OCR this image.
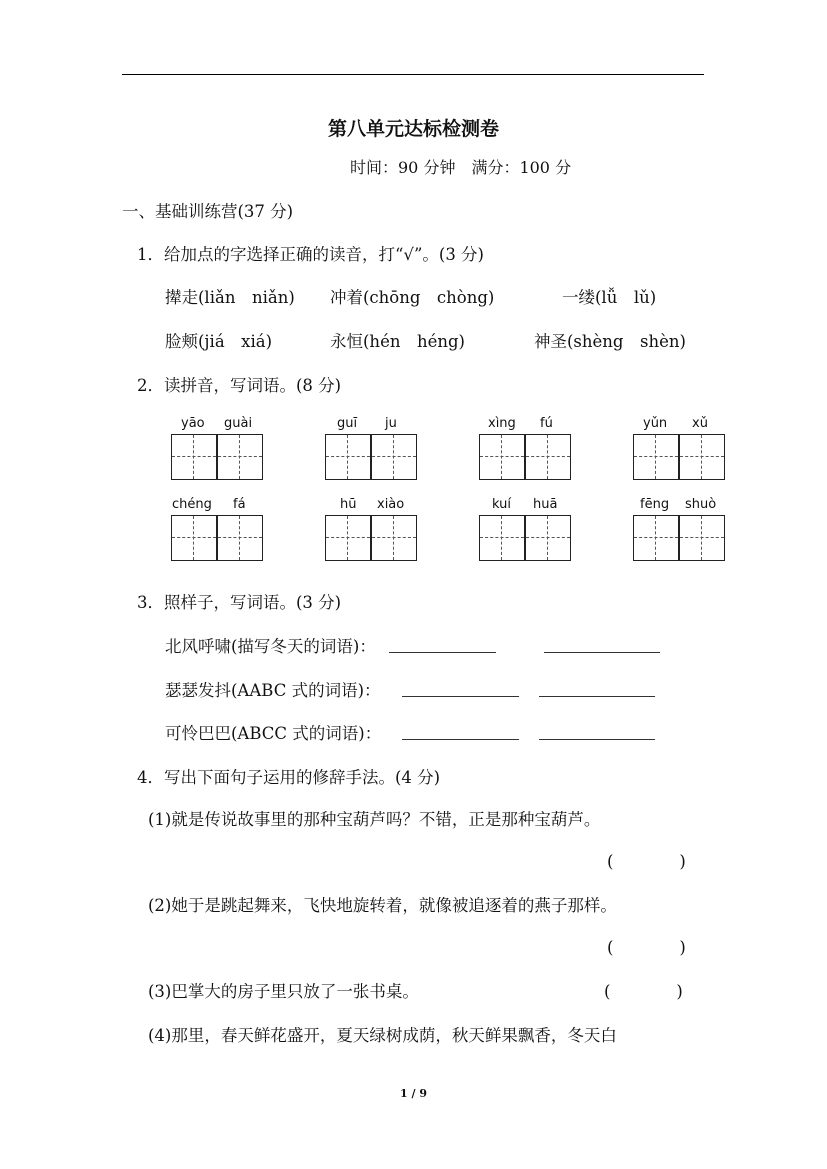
第八单元达标检测卷
时间：90 分钟　满分：100 分
一、基础训练营(37 分)
1．给加点的字选择正确的读音，打“√”。(3 分)
撵走(liǎn　niǎn) 冲着(chōng　chòng)	一缕(lǚ　lǔ)
脸颊(jiá　xiá)	永恒(hén　héng)	神圣(shèng　shèn)
2．读拼音，写词语。(8 分)
yāo guài	guī ju	xìng fú	yǔn xǔ
chéng fá	hū xiào	kuí huā	fēng shuò
3．照样子，写词语。(3 分)
北风呼啸(描写冬天的词语)：
瑟瑟发抖(AABC 式的词语)：
可怜巴巴(ABCC 式的词语)：
4．写出下面句子运用的修辞手法。(4 分)
(1)就是传说故事里的那种宝葫芦吗？不错，正是那种宝葫芦。
(　　　　)
(2)她于是跳起舞来，飞快地旋转着，就像被追逐着的燕子那样。
(　　　　)
(3)巴掌大的房子里只放了一张书桌。	(　　　　)
(4)那里，春天鲜花盛开，夏天绿树成荫，秋天鲜果飘香，冬天白
1 / 9
